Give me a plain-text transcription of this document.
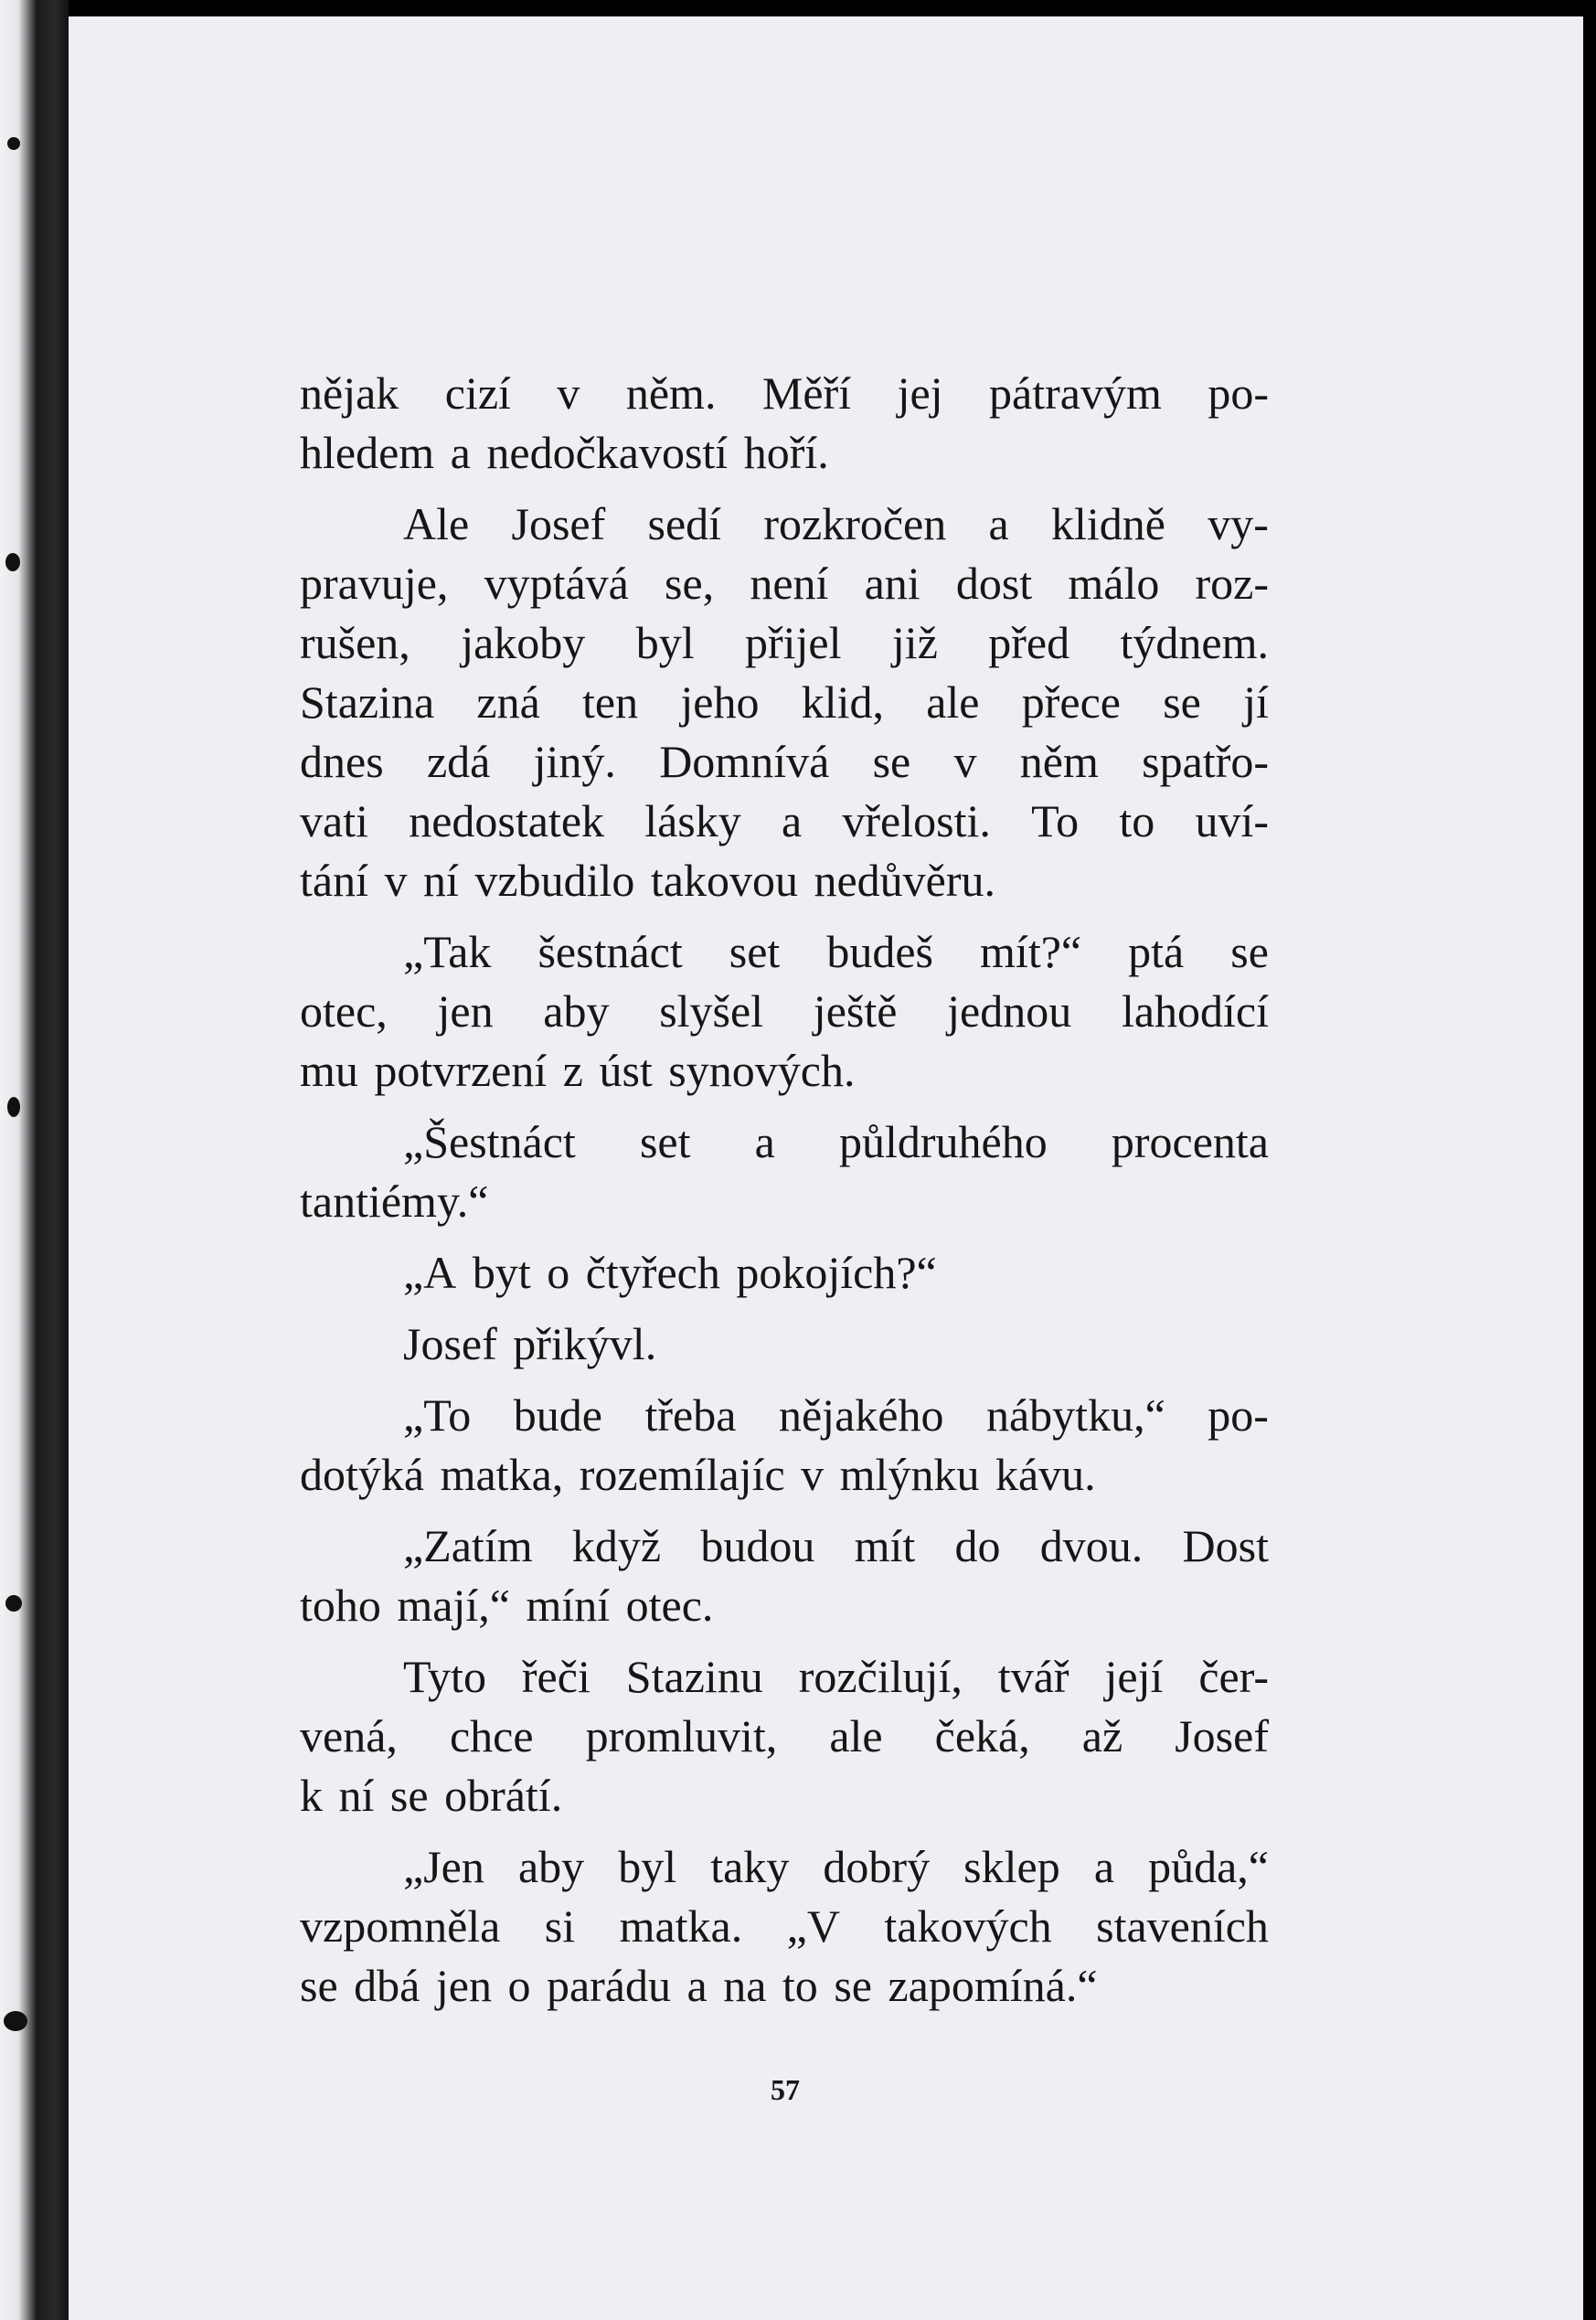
nějak cizí v něm. Měří jej pátravým po-
hledem a nedočkavostí hoří.
Ale Josef sedí rozkročen a klidně vy-
pravuje, vyptává se, není ani dost málo roz-
rušen, jakoby byl přijel již před týdnem.
Stazina zná ten jeho klid, ale přece se jí
dnes zdá jiný. Domnívá se v něm spatřo-
vati nedostatek lásky a vřelosti. To to uví-
tání v ní vzbudilo takovou nedůvěru.
„Tak šestnáct set budeš mít?“ ptá se
otec, jen aby slyšel ještě jednou lahodící
mu potvrzení z úst synových.
„Šestnáct set a půldruhého procenta
tantiémy.“
„A byt o čtyřech pokojích?“
Josef přikývl.
„To bude třeba nějakého nábytku,“ po-
dotýká matka, rozemílajíc v mlýnku kávu.
„Zatím když budou mít do dvou. Dost
toho mají,“ míní otec.
Tyto řeči Stazinu rozčilují, tvář její čer-
vená, chce promluvit, ale čeká, až Josef
k ní se obrátí.
„Jen aby byl taky dobrý sklep a půda,“
vzpomněla si matka. „V takových staveních
se dbá jen o parádu a na to se zapomíná.“
57
